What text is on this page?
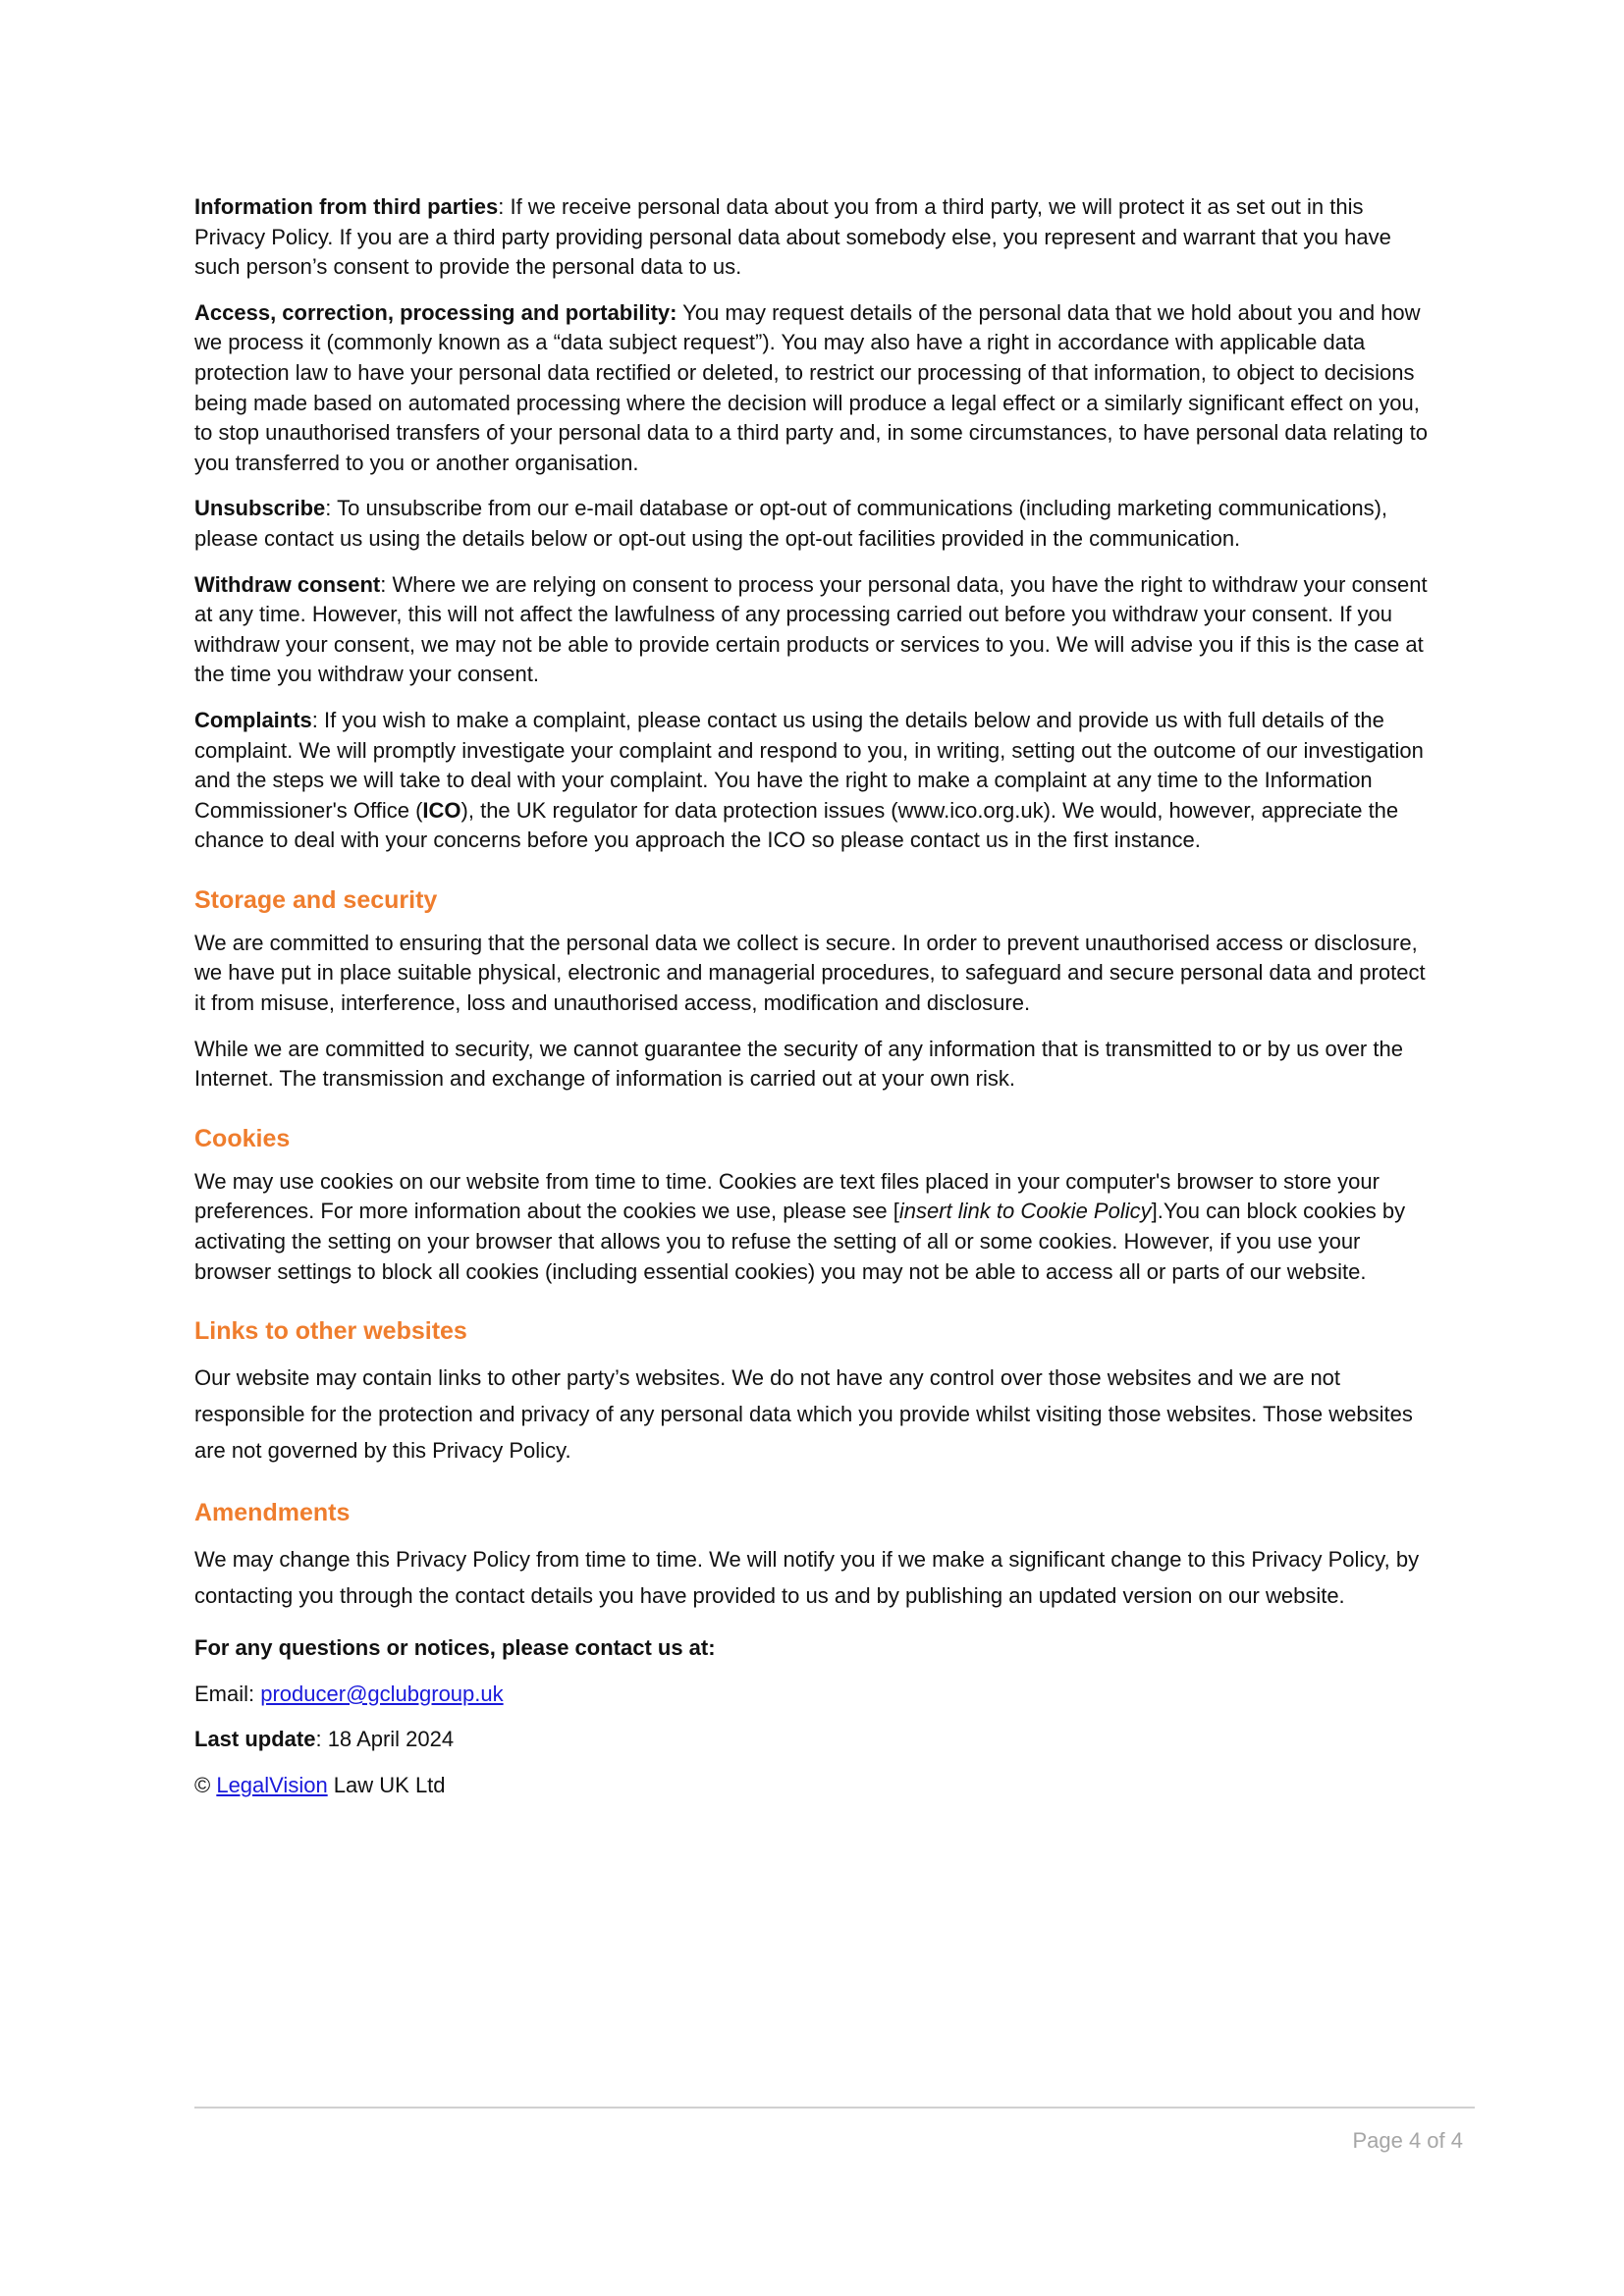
Information from third parties: If we receive personal data about you from a third party, we will protect it as set out in this Privacy Policy. If you are a third party providing personal data about somebody else, you represent and warrant that you have such person’s consent to provide the personal data to us.

Access, correction, processing and portability: You may request details of the personal data that we hold about you and how we process it (commonly known as a “data subject request”). You may also have a right in accordance with applicable data protection law to have your personal data rectified or deleted, to restrict our processing of that information, to object to decisions being made based on automated processing where the decision will produce a legal effect or a similarly significant effect on you, to stop unauthorised transfers of your personal data to a third party and, in some circumstances, to have personal data relating to you transferred to you or another organisation.

Unsubscribe: To unsubscribe from our e-mail database or opt-out of communications (including marketing communications), please contact us using the details below or opt-out using the opt-out facilities provided in the communication.

Withdraw consent: Where we are relying on consent to process your personal data, you have the right to withdraw your consent at any time. However, this will not affect the lawfulness of any processing carried out before you withdraw your consent. If you withdraw your consent, we may not be able to provide certain products or services to you. We will advise you if this is the case at the time you withdraw your consent.

Complaints: If you wish to make a complaint, please contact us using the details below and provide us with full details of the complaint. We will promptly investigate your complaint and respond to you, in writing, setting out the outcome of our investigation and the steps we will take to deal with your complaint. You have the right to make a complaint at any time to the Information Commissioner's Office (ICO), the UK regulator for data protection issues (www.ico.org.uk). We would, however, appreciate the chance to deal with your concerns before you approach the ICO so please contact us in the first instance.

Storage and security

We are committed to ensuring that the personal data we collect is secure. In order to prevent unauthorised access or disclosure, we have put in place suitable physical, electronic and managerial procedures, to safeguard and secure personal data and protect it from misuse, interference, loss and unauthorised access, modification and disclosure.

While we are committed to security, we cannot guarantee the security of any information that is transmitted to or by us over the Internet. The transmission and exchange of information is carried out at your own risk.

Cookies

We may use cookies on our website from time to time. Cookies are text files placed in your computer's browser to store your preferences. For more information about the cookies we use, please see [insert link to Cookie Policy].You can block cookies by activating the setting on your browser that allows you to refuse the setting of all or some cookies. However, if you use your browser settings to block all cookies (including essential cookies) you may not be able to access all or parts of our website.

Links to other websites

Our website may contain links to other party’s websites. We do not have any control over those websites and we are not responsible for the protection and privacy of any personal data which you provide whilst visiting those websites. Those websites are not governed by this Privacy Policy.

Amendments

We may change this Privacy Policy from time to time. We will notify you if we make a significant change to this Privacy Policy, by contacting you through the contact details you have provided to us and by publishing an updated version on our website.

For any questions or notices, please contact us at:

Email: producer@gclubgroup.uk

Last update: 18 April 2024

© LegalVision Law UK Ltd

Page 4 of 4
